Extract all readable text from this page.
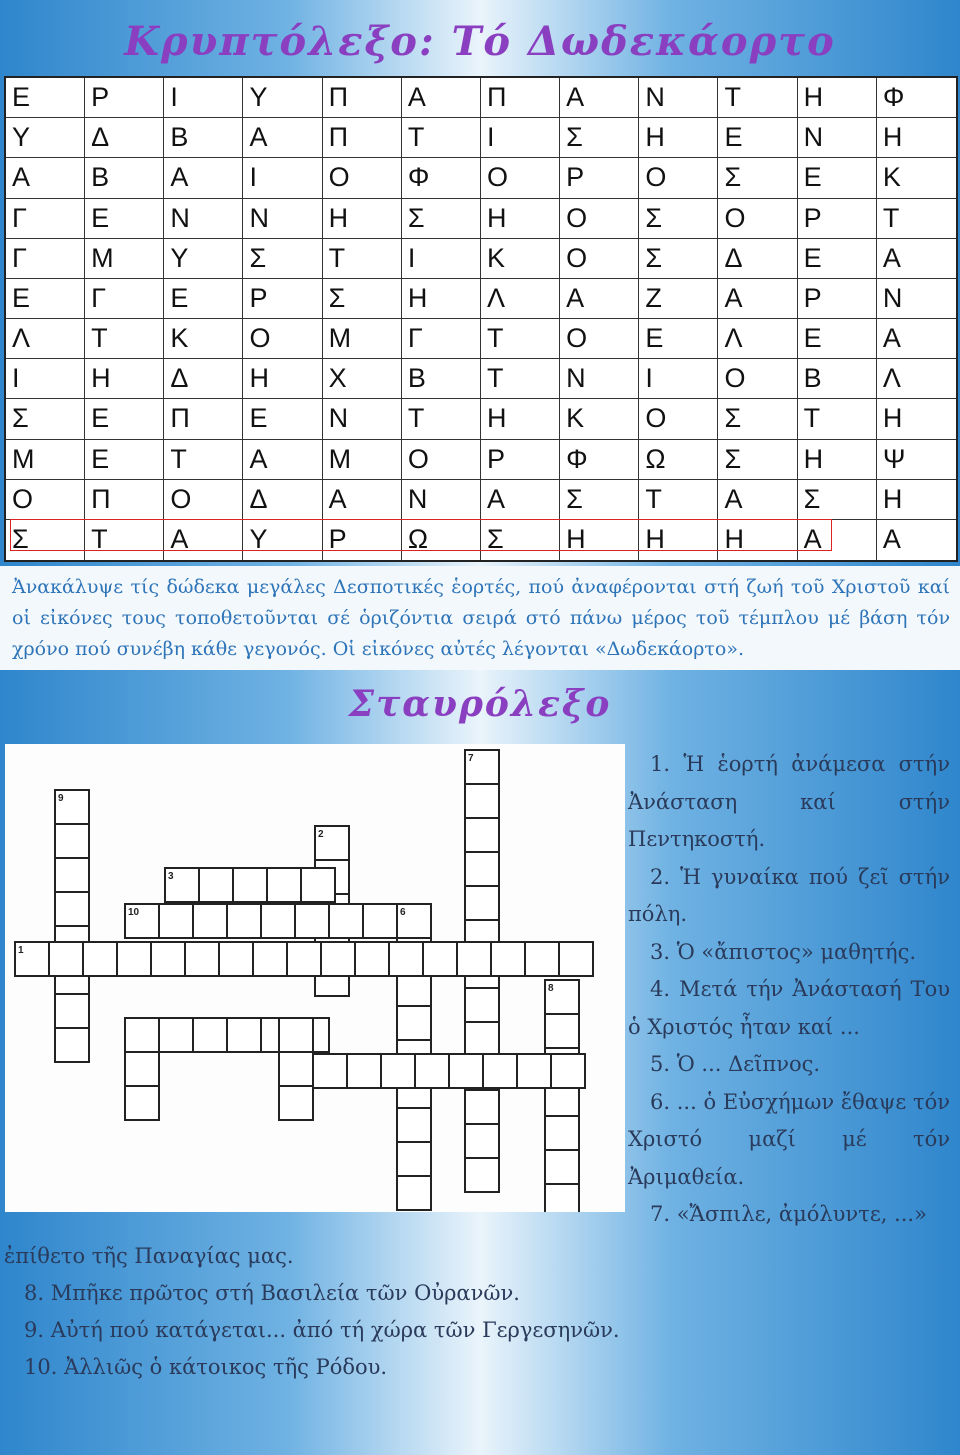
Κρυπτόλεξο: Τό Δωδεκάορτο
Ε	Ρ	Ι	Υ	Π	Α	Π	Α	Ν	Τ	Η	Φ
Υ	Δ	Β	Α	Π	Τ	Ι	Σ	Η	Ε	Ν	Η
Α	Β	Α	Ι	Ο	Φ	Ο	Ρ	Ο	Σ	Ε	Κ
Γ	Ε	Ν	Ν	Η	Σ	Η	Ο	Σ	Ο	Ρ	Τ
Γ	Μ	Υ	Σ	Τ	Ι	Κ	Ο	Σ	Δ	Ε	Α
Ε	Γ	Ε	Ρ	Σ	Η	Λ	Α	Ζ	Α	Ρ	Ν
Λ	Τ	Κ	Ο	Μ	Γ	Τ	Ο	Ε	Λ	Ε	Α
Ι	Η	Δ	Η	Χ	Β	Τ	Ν	Ι	Ο	Β	Λ
Σ	Ε	Π	Ε	Ν	Τ	Η	Κ	Ο	Σ	Τ	Η
Μ	Ε	Τ	Α	Μ	Ο	Ρ	Φ	Ω	Σ	Η	Ψ
Ο	Π	Ο	Δ	Α	Ν	Α	Σ	Τ	Α	Σ	Η
Σ	Τ	Α	Υ	Ρ	Ω	Σ	Η	Η	Η	Α	Α

Ἀνακάλυψε τίς δώδεκα μεγάλες Δεσποτικές ἑορτές, πού ἀναφέρονται στή ζωή τοῦ Χριστοῦ καί οἱ εἰκόνες τους τοποθετοῦνται σέ ὁριζόντια σειρά στό πάνω μέρος τοῦ τέμπλου μέ βάση τόν χρόνο πού συνέβη κάθε γεγονός. Οἱ εἰκόνες αὐτές λέγονται «Δωδεκάορτο».

Σταυρόλεξο
7
9
2
3
10	6
1
8

1. Ἡ ἑορτή ἀνάμεσα στήν Ἀνάσταση καί στήν Πεντηκοστή.

2. Ἡ γυναίκα πού ζεῖ στήν πόλη.

3. Ὁ «ἄπιστος» μαθητής.

4. Μετά τήν Ἀνάστασή Του ὁ Χριστός ἦταν καί ...

5. Ὁ ... Δεῖπνος.

6. ... ὁ Εὐσχήμων ἔθαψε τόν Χριστό μαζί μέ τόν Ἀριμαθεία.

7. «Ἄσπιλε, ἀμόλυντε, ...»

ἐπίθετο τῆς Παναγίας μας.

8. Μπῆκε πρῶτος στή Βασιλεία τῶν Οὐρανῶν.

9. Αὐτή πού κατάγεται... ἀπό τή χώρα τῶν Γεργεσηνῶν.

10. Ἀλλιῶς ὁ κάτοικος τῆς Ρόδου.
